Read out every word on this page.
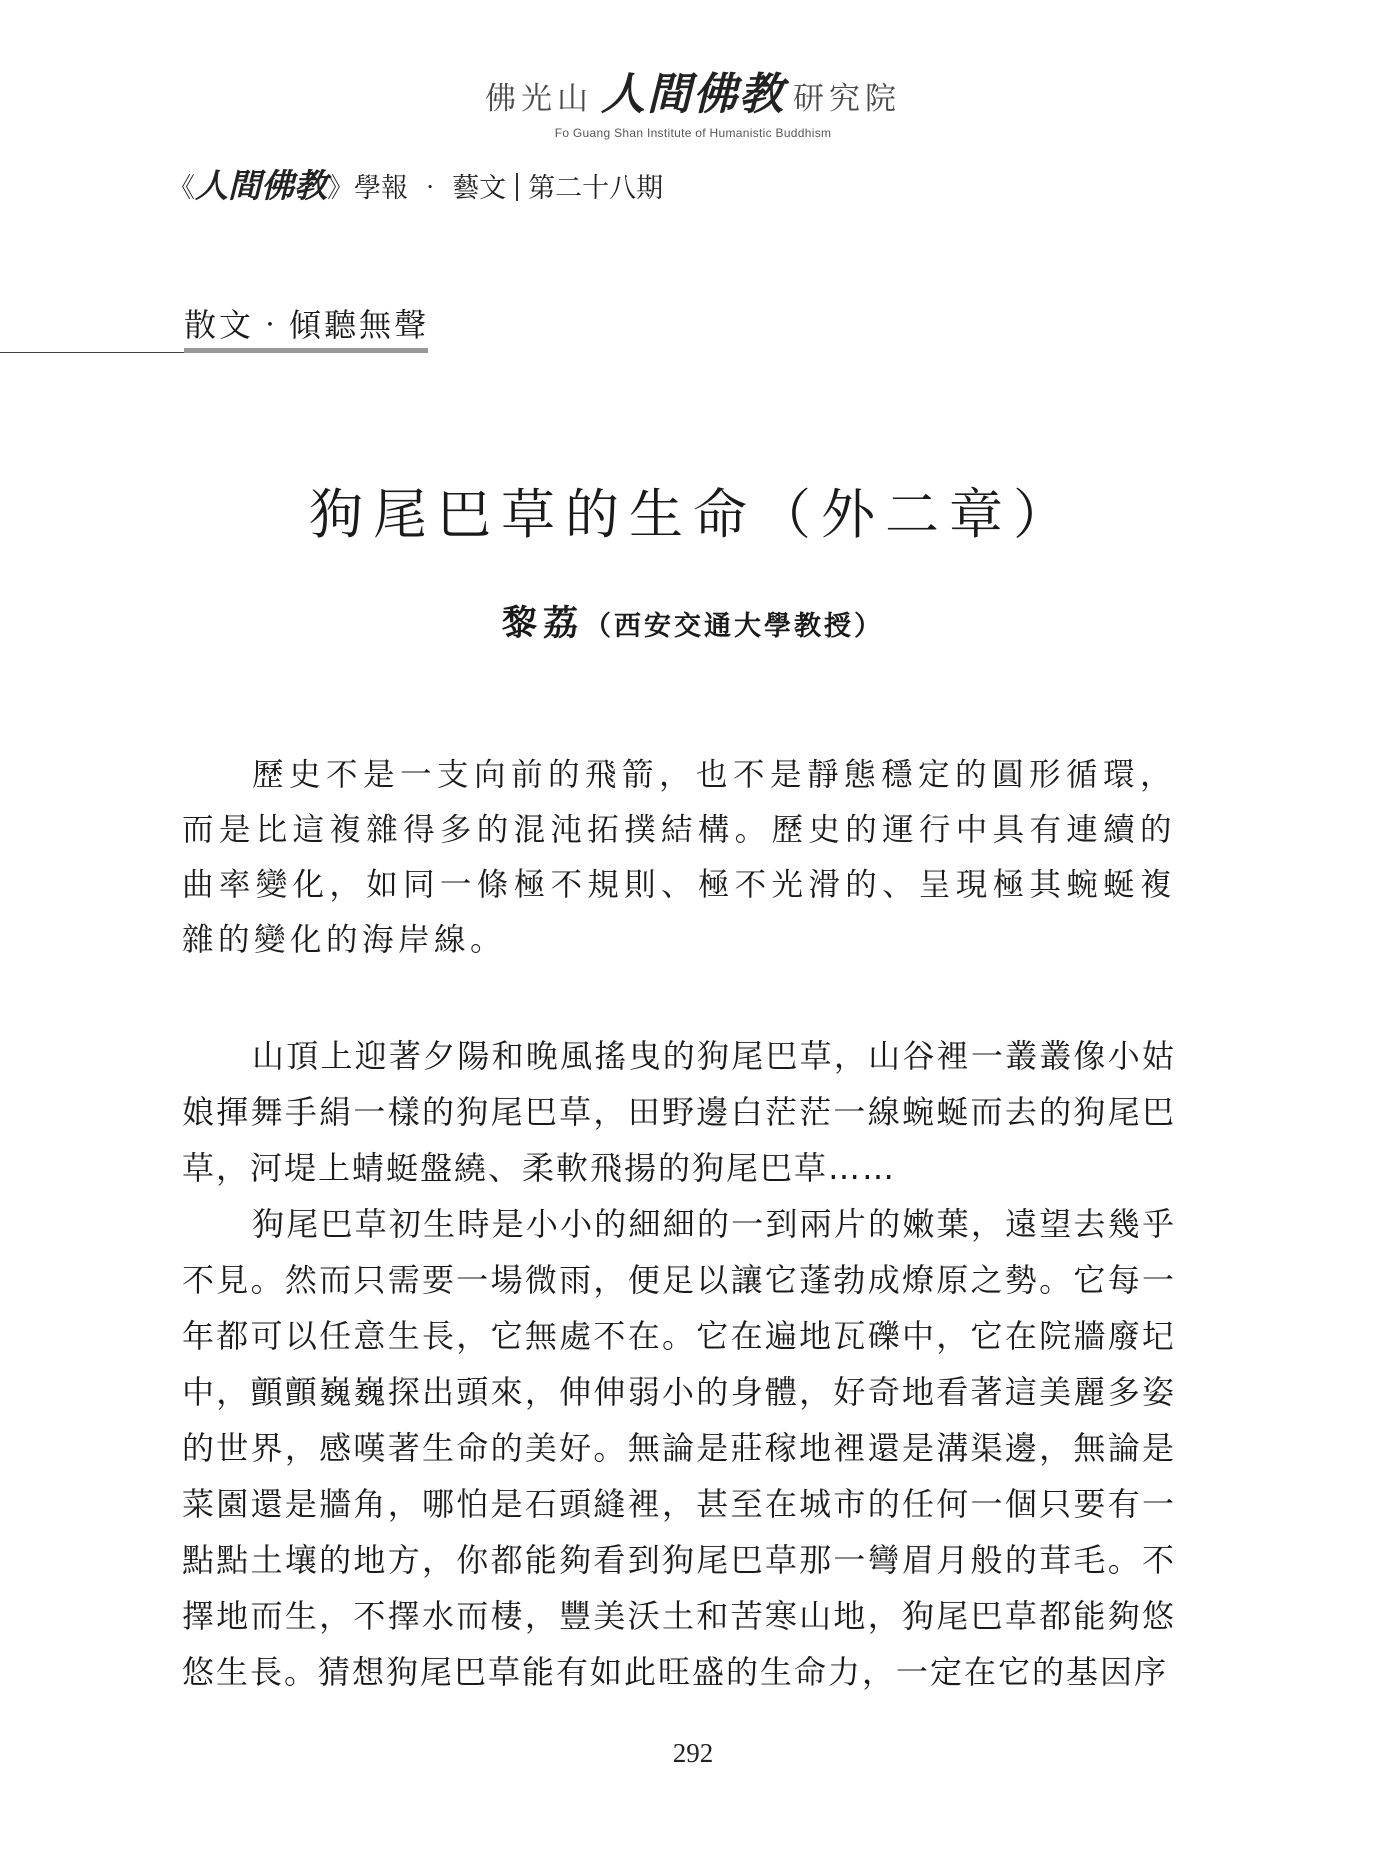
佛光山 人間佛教 研究院
Fo Guang Shan Institute of Humanistic Buddhism
《人間佛教》學報 ‧ 藝文 第二十八期
散文‧傾聽無聲
狗尾巴草的生命（外二章）
黎荔（西安交通大學教授）
歷史不是一支向前的飛箭，也不是靜態穩定的圓形循環，而是比這複雜得多的混沌拓撲結構。歷史的運行中具有連續的曲率變化，如同一條極不規則、極不光滑的、呈現極其蜿蜒複雜的變化的海岸線。

山頂上迎著夕陽和晚風搖曳的狗尾巴草，山谷裡一叢叢像小姑娘揮舞手絹一樣的狗尾巴草，田野邊白茫茫一線蜿蜒而去的狗尾巴草，河堤上蜻蜓盤繞、柔軟飛揚的狗尾巴草……

狗尾巴草初生時是小小的細細的一到兩片的嫩葉，遠望去幾乎不見。然而只需要一場微雨，便足以讓它蓬勃成燎原之勢。它每一年都可以任意生長，它無處不在。它在遍地瓦礫中，它在院牆廢圮中，顫顫巍巍探出頭來，伸伸弱小的身體，好奇地看著這美麗多姿的世界，感嘆著生命的美好。無論是莊稼地裡還是溝渠邊，無論是菜園還是牆角，哪怕是石頭縫裡，甚至在城市的任何一個只要有一點點土壤的地方，你都能夠看到狗尾巴草那一彎眉月般的茸毛。不擇地而生，不擇水而棲，豐美沃土和苦寒山地，狗尾巴草都能夠悠悠生長。猜想狗尾巴草能有如此旺盛的生命力，一定在它的基因序

292
